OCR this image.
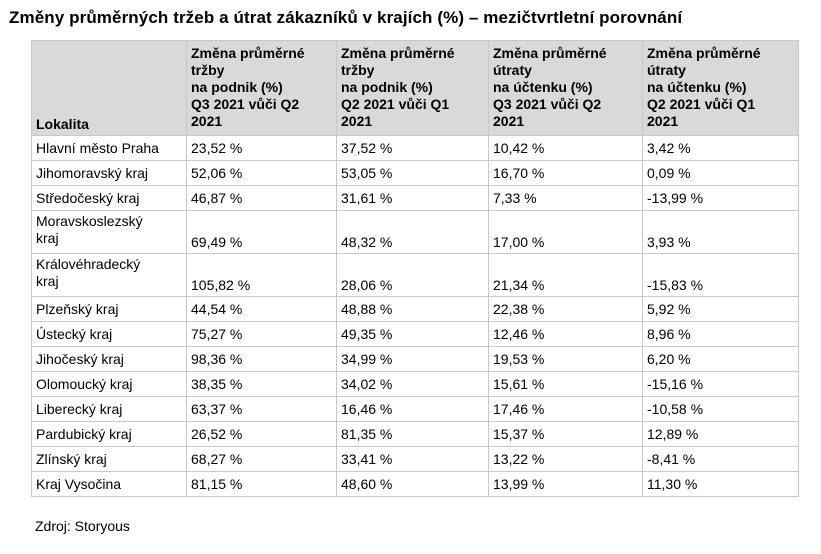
Změny průměrných tržeb a útrat zákazníků v krajích (%) – mezičtvrtletní porovnání
Lokalita	Změna průměrné
tržby
na podnik (%)
Q3 2021 vůči Q2
2021	Změna průměrné
tržby
na podnik (%)
Q2 2021 vůči Q1
2021	Změna průměrné
útraty
na účtenku (%)
Q3 2021 vůči Q2
2021	Změna průměrné
útraty
na účtenku (%)
Q2 2021 vůči Q1
2021

Hlavní město Praha	23,52 %	37,52 %	10,42 %	3,42 %

Jihomoravský kraj	52,06 %	53,05 %	16,70 %	0,09 %

Středočeský kraj	46,87 %	31,61 %	7,33 %	-13,99 %

Moravskoslezský
kraj	69,49 %	48,32 %	17,00 %	3,93 %

Královéhradecký
kraj	105,82 %	28,06 %	21,34 %	-15,83 %

Plzeňský kraj	44,54 %	48,88 %	22,38 %	5,92 %

Ústecký kraj	75,27 %	49,35 %	12,46 %	8,96 %

Jihočeský kraj	98,36 %	34,99 %	19,53 %	6,20 %

Olomoucký kraj	38,35 %	34,02 %	15,61 %	-15,16 %

Liberecký kraj	63,37 %	16,46 %	17,46 %	-10,58 %

Pardubický kraj	26,52 %	81,35 %	15,37 %	12,89 %

Zlínský kraj	68,27 %	33,41 %	13,22 %	-8,41 %

Kraj Vysočina	81,15 %	48,60 %	13,99 %	11,30 %
Zdroj: Storyous
